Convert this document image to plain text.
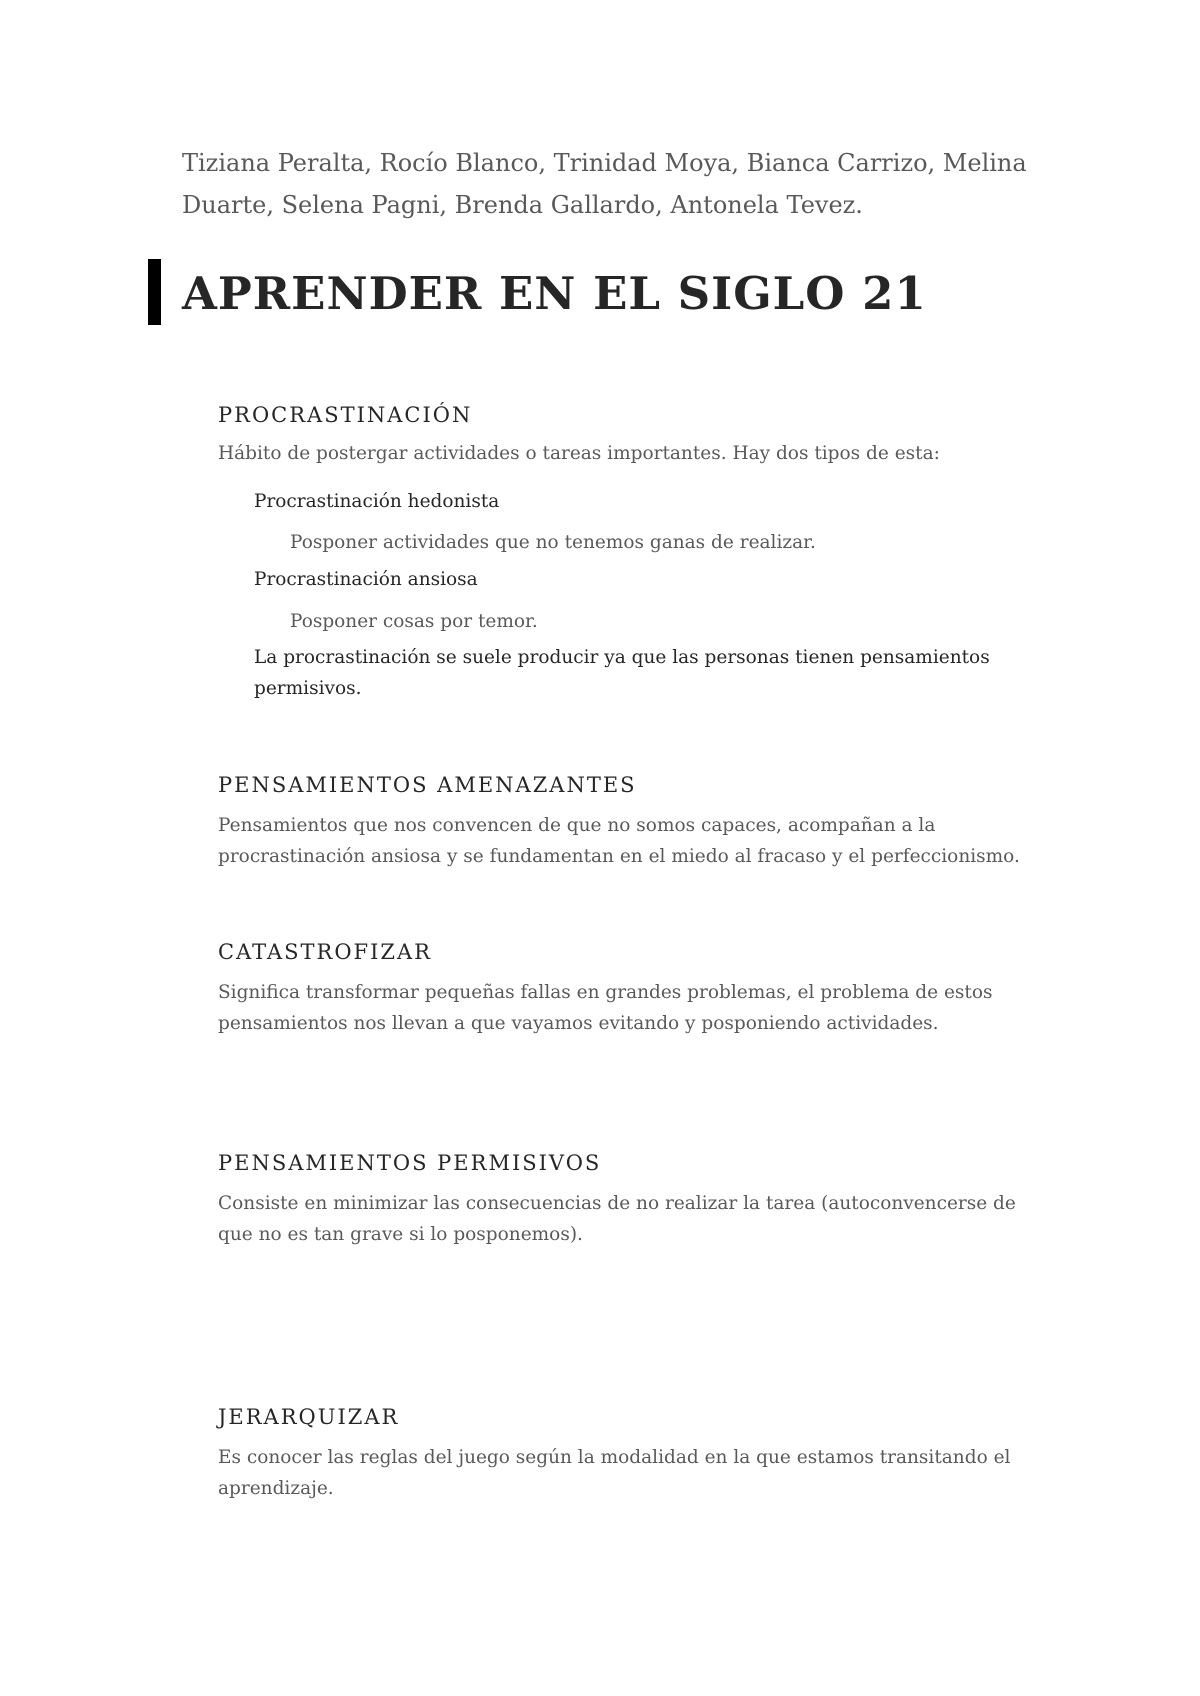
Tiziana Peralta, Rocío Blanco, Trinidad Moya, Bianca Carrizo, Melina Duarte, Selena Pagni, Brenda Gallardo, Antonela Tevez.
APRENDER EN EL SIGLO 21
PROCRASTINACIÓN
Hábito de postergar actividades o tareas importantes. Hay dos tipos de esta:
Procrastinación hedonista
Posponer actividades que no tenemos ganas de realizar.
Procrastinación ansiosa
Posponer cosas por temor.
La procrastinación se suele producir ya que las personas tienen pensamientos permisivos.
PENSAMIENTOS AMENAZANTES
Pensamientos que nos convencen de que no somos capaces, acompañan a la procrastinación ansiosa y se fundamentan en el miedo al fracaso y el perfeccionismo.
CATASTROFIZAR
Significa transformar pequeñas fallas en grandes problemas, el problema de estos pensamientos nos llevan a que vayamos evitando y posponiendo actividades.
PENSAMIENTOS PERMISIVOS
Consiste en minimizar las consecuencias de no realizar la tarea (autoconvencerse de que no es tan grave si lo posponemos).
JERARQUIZAR
Es conocer las reglas del juego según la modalidad en la que estamos transitando el aprendizaje.
